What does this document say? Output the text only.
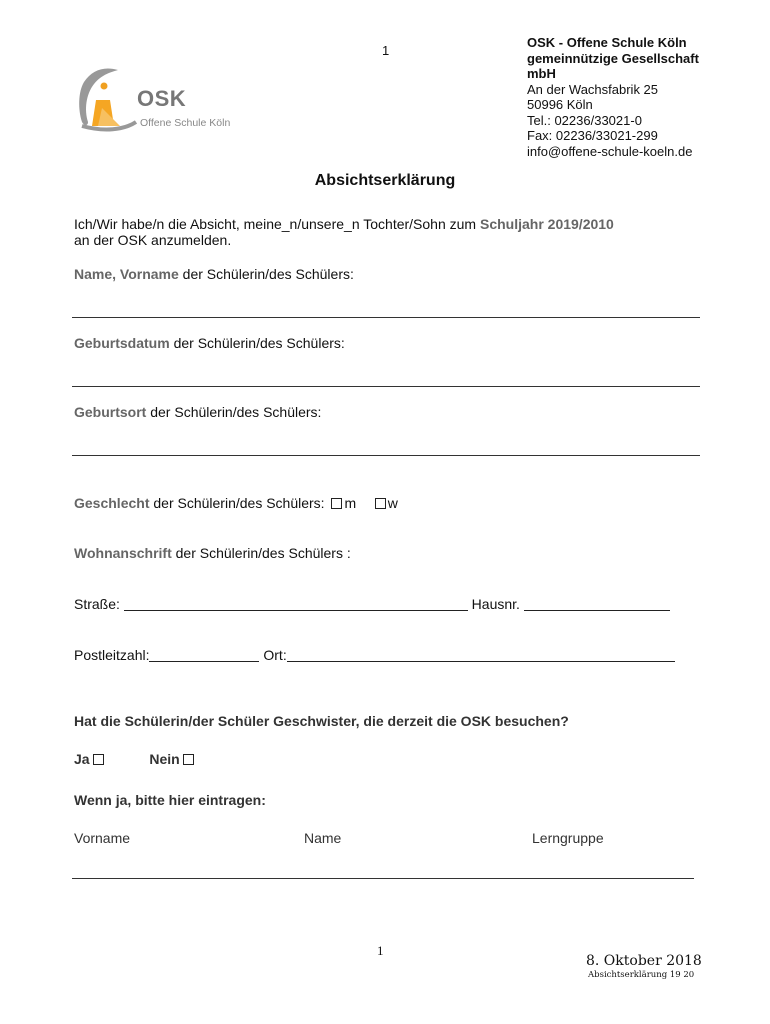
1
OSK - Offene Schule Köln
gemeinnützige Gesellschaft
mbH
An der Wachsfabrik 25
50996 Köln
Tel.: 02236/33021-0
Fax: 02236/33021-299
info@offene-schule-koeln.de
OSK
Offene Schule Köln
Absichtserklärung
Ich/Wir habe/n die Absicht, meine_n/unsere_n Tochter/Sohn zum Schuljahr 2019/2010
an der OSK anzumelden.
Name, Vorname der Schülerin/des Schülers:
Geburtsdatum der Schülerin/des Schülers:
Geburtsort der Schülerin/des Schülers:
Geschlecht der Schülerin/des Schülers: m w
Wohnanschrift der Schülerin/des Schülers :
Straße:	Hausnr.
Postleitzahl:	Ort:
Hat die Schülerin/der Schüler Geschwister, die derzeit die OSK besuchen?
Ja	Nein
Wenn ja, bitte hier eintragen:
Vorname	Name	Lerngruppe
1
8. Oktober 2018
Absichtserklärung 19 20
